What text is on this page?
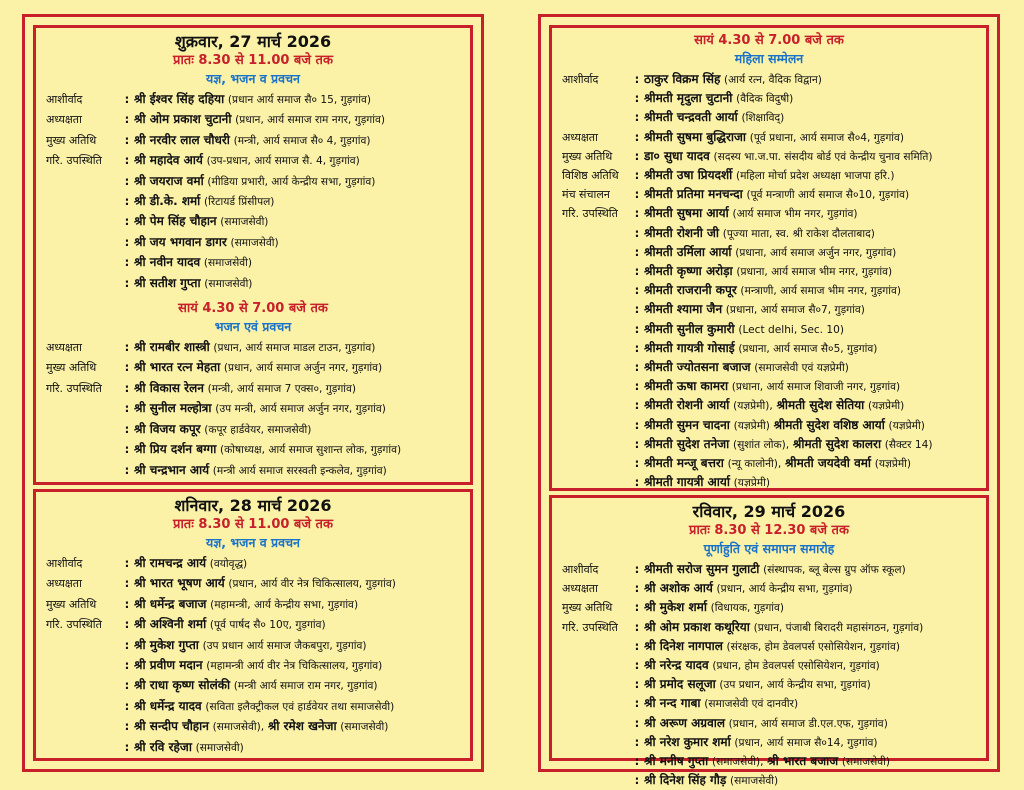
शुक्रवार, 27 मार्च 2026
प्रातः 8.30 से 11.00 बजे तक
यज्ञ, भजन व प्रवचन
आशीर्वाद	: श्री ईश्वर सिंह दहिया (प्रधान आर्य समाज सै० 15, गुड़गांव)
अध्यक्षता	: श्री ओम प्रकाश चुटानी (प्रधान, आर्य समाज राम नगर, गुड़गांव)
मुख्य अतिथि	: श्री नरवीर लाल चौधरी (मन्त्री, आर्य समाज सै० 4, गुड़गांव)
गरि. उपस्थिति	: श्री महादेव आर्य (उप-प्रधान, आर्य समाज सै. 4, गुड़गांव)
: श्री जयराज वर्मा (मीडिया प्रभारी, आर्य केन्द्रीय सभा, गुड़गांव)
: श्री डी.के. शर्मा (रिटायर्ड प्रिंसीपल)
: श्री पेम सिंह चौहान (समाजसेवी)
: श्री जय भगवान डागर (समाजसेवी)
: श्री नवीन यादव (समाजसेवी)
: श्री सतीश गुप्ता (समाजसेवी)
सायं 4.30 से 7.00 बजे तक
भजन एवं प्रवचन
अध्यक्षता	: श्री रामबीर शास्त्री (प्रधान, आर्य समाज माडल टाउन, गुड़गांव)
मुख्य अतिथि	: श्री भारत रत्न मेहता (प्रधान, आर्य समाज अर्जुन नगर, गुड़गांव)
गरि. उपस्थिति	: श्री विकास रेलन (मन्त्री, आर्य समाज 7 एक्स०, गुड़गांव)
: श्री सुनील मल्होत्रा (उप मन्त्री, आर्य समाज अर्जुन नगर, गुड़गांव)
: श्री विजय कपूर (कपूर हार्डवेयर, समाजसेवी)
: श्री प्रिय दर्शन बग्गा (कोषाध्यक्ष, आर्य समाज सुशान्त लोक, गुड़गांव)
: श्री चन्द्रभान आर्य (मन्त्री आर्य समाज सरस्वती इन्कलेव, गुड़गांव)
शनिवार, 28 मार्च 2026
प्रातः 8.30 से 11.00 बजे तक
यज्ञ, भजन व प्रवचन
आशीर्वाद	: श्री रामचन्द्र आर्य (वयोवृद्ध)
अध्यक्षता	: श्री भारत भूषण आर्य (प्रधान, आर्य वीर नेत्र चिकित्सालय, गुड़गांव)
मुख्य अतिथि	: श्री धर्मेन्द्र बजाज (महामन्त्री, आर्य केन्द्रीय सभा, गुड़गांव)
गरि. उपस्थिति	: श्री अश्विनी शर्मा (पूर्व पार्षद सै० 10ए, गुड़गांव)
: श्री मुकेश गुप्ता (उप प्रधान आर्य समाज जैकबपुरा, गुड़गांव)
: श्री प्रवीण मदान (महामन्त्री आर्य वीर नेत्र चिकित्सालय, गुड़गांव)
: श्री राधा कृष्ण सोलंकी (मन्त्री आर्य समाज राम नगर, गुड़गांव)
: श्री धर्मेन्द्र यादव (सविता इलैक्ट्रीकल एवं हार्डवेयर तथा समाजसेवी)
: श्री सन्दीप चौहान (समाजसेवी), श्री रमेश खनेजा (समाजसेवी)
: श्री रवि रहेजा (समाजसेवी)
सायं 4.30 से 7.00 बजे तक
महिला सम्मेलन
आशीर्वाद	: ठाकुर विक्रम सिंह (आर्य रत्न, वैदिक विद्वान)
: श्रीमती मृदुला चुटानी (वैदिक विदुषी)
: श्रीमती चन्द्रवती आर्या (शिक्षाविद्)
अध्यक्षता	: श्रीमती सुषमा बुद्धिराजा (पूर्व प्रधाना, आर्य समाज सै०4, गुड़गांव)
मुख्य अतिथि	: डा० सुधा यादव (सदस्य भा.ज.पा. संसदीय बोर्ड एवं केन्द्रीय चुनाव समिति)
विशिष्ठ अतिथि	: श्रीमती उषा प्रियदर्शी (महिला मोर्चा प्रदेश अध्यक्षा भाजपा हरि.)
मंच संचालन	: श्रीमती प्रतिमा मनचन्दा (पूर्व मन्त्राणी आर्य समाज सै०10, गुड़गांव)
गरि. उपस्थिति	: श्रीमती सुषमा आर्या (आर्य समाज भीम नगर, गुड़गांव)
: श्रीमती रोशनी जी (पूज्या माता, स्व. श्री राकेश दौलताबाद)
: श्रीमती उर्मिला आर्या (प्रधाना, आर्य समाज अर्जुन नगर, गुड़गांव)
: श्रीमती कृष्णा अरोड़ा (प्रधाना, आर्य समाज भीम नगर, गुड़गांव)
: श्रीमती राजरानी कपूर (मन्त्राणी, आर्य समाज भीम नगर, गुड़गांव)
: श्रीमती श्यामा जैन (प्रधाना, आर्य समाज सै०7, गुड़गांव)
: श्रीमती सुनील कुमारी (Lect delhi, Sec. 10)
: श्रीमती गायत्री गोसाई (प्रधाना, आर्य समाज सै०5, गुड़गांव)
: श्रीमती ज्योतसना बजाज (समाजसेवी एवं यज्ञप्रेमी)
: श्रीमती ऊषा कामरा (प्रधाना, आर्य समाज शिवाजी नगर, गुड़गांव)
: श्रीमती रोशनी आर्या (यज्ञप्रेमी), श्रीमती सुदेश सेतिया (यज्ञप्रेमी)
: श्रीमती सुमन चादना (यज्ञप्रेमी) श्रीमती सुदेश वशिष्ठ आर्या (यज्ञप्रेमी)
: श्रीमती सुदेश तनेजा (सुशांत लोक), श्रीमती सुदेश कालरा (सैक्टर 14)
: श्रीमती मन्जू बत्तरा (न्यू कालोनी), श्रीमती जयदेवी वर्मा (यज्ञप्रेमी)
: श्रीमती गायत्री आर्या (यज्ञप्रेमी)
रविवार, 29 मार्च 2026
प्रातः 8.30 से 12.30 बजे तक
पूर्णाहुति एवं समापन समारोह
आशीर्वाद	: श्रीमती सरोज सुमन गुलाटी (संस्थापक, ब्लू बेल्स ग्रुप ऑफ स्कूल)
अध्यक्षता	: श्री अशोक आर्य (प्रधान, आर्य केन्द्रीय सभा, गुड़गांव)
मुख्य अतिथि	: श्री मुकेश शर्मा (विधायक, गुड़गांव)
गरि. उपस्थिति	: श्री ओम प्रकाश कथूरिया (प्रधान, पंजाबी बिरादरी महासंगठन, गुड़गांव)
: श्री दिनेश नागपाल (संरक्षक, होम डेवलपर्स एसोसियेशन, गुड़गांव)
: श्री नरेन्द्र यादव (प्रधान, होम डेवलपर्स एसोसियेशन, गुड़गांव)
: श्री प्रमोद सलूजा (उप प्रधान, आर्य केन्द्रीय सभा, गुड़गांव)
: श्री नन्द गाबा (समाजसेवी एवं दानवीर)
: श्री अरूण अग्रवाल (प्रधान, आर्य समाज डी.एल.एफ, गुड़गांव)
: श्री नरेश कुमार शर्मा (प्रधान, आर्य समाज सै०14, गुड़गांव)
: श्री मनीष गुप्ता (समाजसेवी), श्री भारत बजाज (समाजसेवी)
: श्री दिनेश सिंह गौड़ (समाजसेवी)
